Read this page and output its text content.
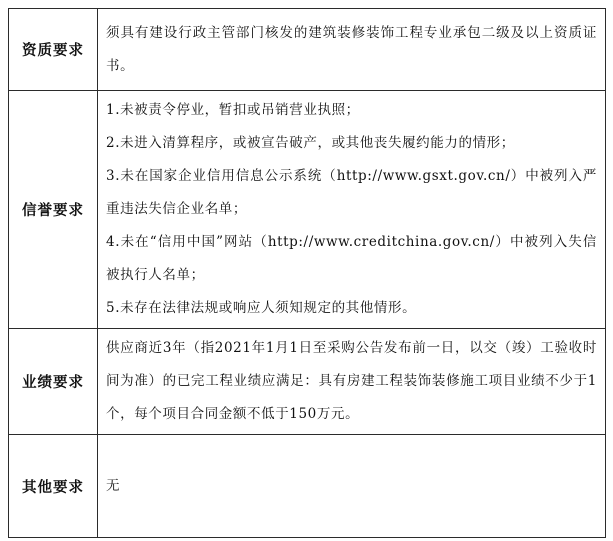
资质要求	须具有建设行政主管部门核发的建筑装修装饰工程专业承包二级及以上资质证书。

信誉要求	1.未被责令停业，暂扣或吊销营业执照；
2.未进入清算程序，或被宣告破产，或其他丧失履约能力的情形；
3.未在国家企业信用信息公示系统（http://www.gsxt.gov.cn/）中被列入严重违法失信企业名单；
4.未在“信用中国”网站（http://www.creditchina.gov.cn/）中被列入失信被执行人名单；
5.未存在法律法规或响应人须知规定的其他情形。

业绩要求	供应商近3年（指2021年1月1日至采购公告发布前一日，以交（竣）工验收时间为准）的已完工程业绩应满足：具有房建工程装饰装修施工项目业绩不少于1个，每个项目合同金额不低于150万元。

其他要求	无
